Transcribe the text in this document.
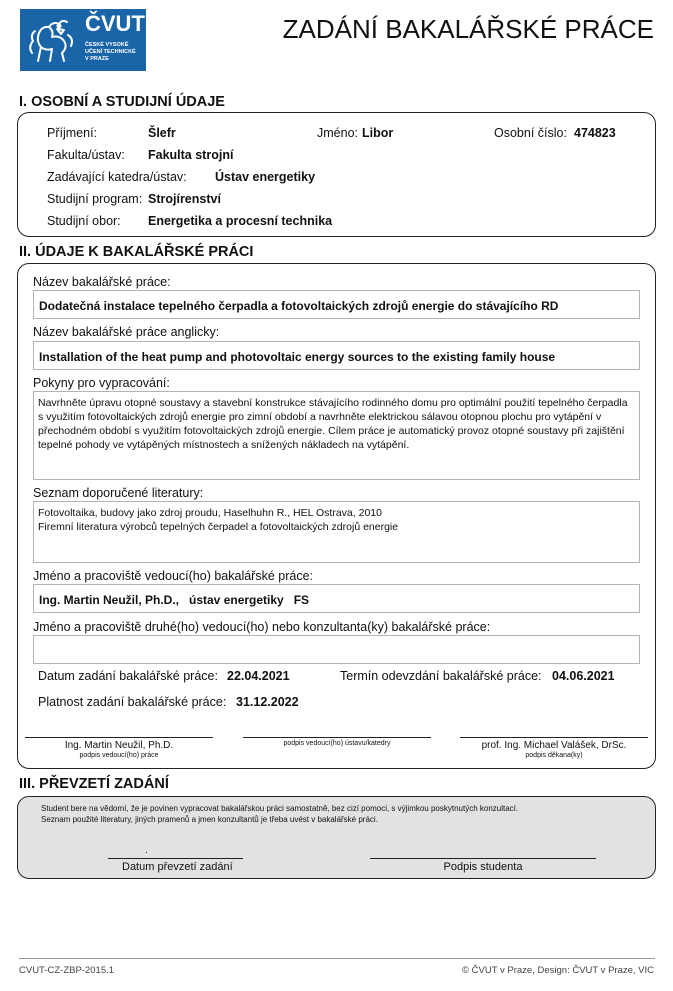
ČVUT
ČESKÉ VYSOKÉ
UČENÍ TECHNICKÉ
V PRAZE
ZADÁNÍ BAKALÁŘSKÉ PRÁCE
I. OSOBNÍ A STUDIJNÍ ÚDAJE
Příjmení:	Šlefr	Jméno: Libor	Osobní číslo: 474823
Fakulta/ústav: Fakulta strojní
Zadávající katedra/ústav: Ústav energetiky
Studijní program: Strojírenství
Studijní obor: Energetika a procesní technika
II. ÚDAJE K BAKALÁŘSKÉ PRÁCI
Název bakalářské práce:
Dodatečná instalace tepelného čerpadla a fotovoltaických zdrojů energie do stávajícího RD
Název bakalářské práce anglicky:
Installation of the heat pump and photovoltaic energy sources to the existing family house
Pokyny pro vypracování:
Navrhněte úpravu otopné soustavy a stavební konstrukce stávajícího rodinného domu pro optimální použití tepelného čerpadla s využitím fotovoltaických zdrojů energie pro zimní období a navrhněte elektrickou sálavou otopnou plochu pro vytápění v přechodném období s využitím fotovoltaických zdrojů energie. Cílem práce je automatický provoz otopné soustavy při zajištění tepelné pohody ve vytápěných místnostech a snížených nákladech na vytápění.
Seznam doporučené literatury:
Fotovoltaika, budovy jako zdroj proudu, Haselhuhn R., HEL Ostrava, 2010
Firemní literatura výrobců tepelných čerpadel a fotovoltaických zdrojů energie
Jméno a pracoviště vedoucí(ho) bakalářské práce:
Ing. Martin Neužil, Ph.D.,   ústav energetiky   FS
Jméno a pracoviště druhé(ho) vedoucí(ho) nebo konzultanta(ky) bakalářské práce:
Datum zadání bakalářské práce: 22.04.2021	Termín odevzdání bakalářské práce: 04.06.2021
Platnost zadání bakalářské práce: 31.12.2022
Ing. Martin Neužil, Ph.D.
podpis vedoucí(ho) práce
podpis vedoucí(ho) ústavu/katedry	prof. Ing. Michael Valášek, DrSc.
podpis děkana(ky)
III. PŘEVZETÍ ZADÁNÍ
Student bere na vědomí, že je povinen vypracovat bakalářskou práci samostatně, bez cizí pomoci, s výjimkou poskytnutých konzultací.
Seznam použité literatury, jiných pramenů a jmen konzultantů je třeba uvést v bakalářské práci.
.
Datum převzetí zadání	Podpis studenta
CVUT-CZ-ZBP-2015.1	© ČVUT v Praze, Design: ČVUT v Praze, VIC
